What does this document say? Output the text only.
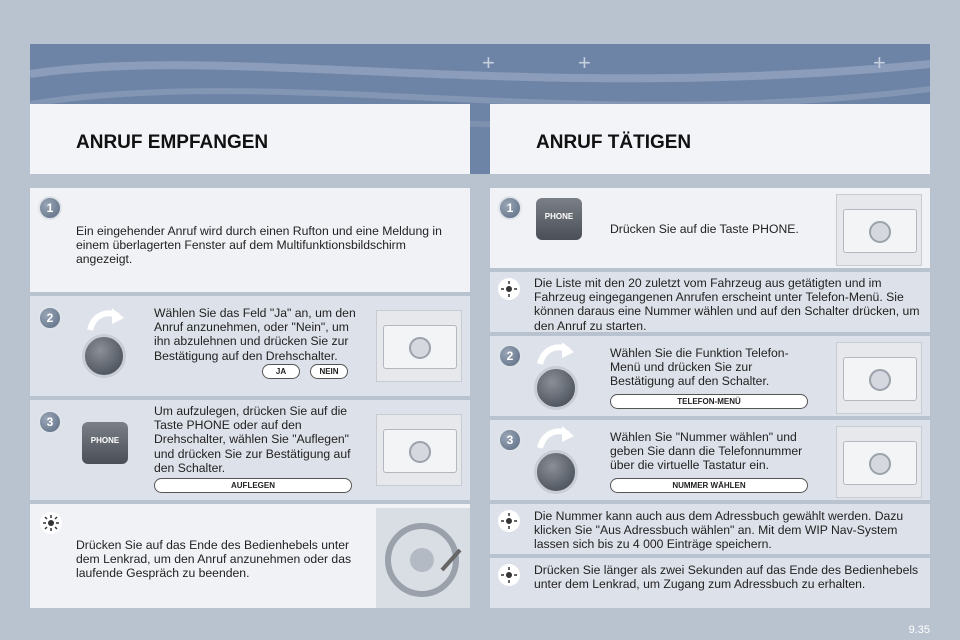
+	+	+
ANRUF EMPFANGEN	ANRUF TÄTIGEN
1
Ein eingehender Anruf wird durch einen Rufton und eine Meldung in einem überlagerten Fenster auf dem Multifunktionsbildschirm angezeigt.
2	Wählen Sie das Feld "Ja" an, um den Anruf anzunehmen, oder "Nein", um ihn abzulehnen und drücken Sie zur Bestätigung auf den Drehschalter.
JA	NEIN
3
PHONE
Um aufzulegen, drücken Sie auf die Taste PHONE oder auf den Drehschalter, wählen Sie "Auflegen" und drücken Sie zur Bestätigung auf den Schalter.
AUFLEGEN
Drücken Sie auf das Ende des Bedienhebels unter dem Lenkrad, um den Anruf anzunehmen oder das laufende Gespräch zu beenden.
1
PHONE
Drücken Sie auf die Taste PHONE.
Die Liste mit den 20 zuletzt vom Fahrzeug aus getätigten und im Fahrzeug eingegangenen Anrufen erscheint unter Telefon-Menü. Sie können daraus eine Nummer wählen und auf den Schalter drücken, um den Anruf zu starten.
2	Wählen Sie die Funktion Telefon-Menü und drücken Sie zur Bestätigung auf den Schalter.
TELEFON-MENÜ
3	Wählen Sie "Nummer wählen" und geben Sie dann die Telefonnummer über die virtuelle Tastatur ein.
NUMMER WÄHLEN
Die Nummer kann auch aus dem Adressbuch gewählt werden. Dazu klicken Sie "Aus Adressbuch wählen" an. Mit dem WIP Nav-System lassen sich bis zu 4 000 Einträge speichern.
Drücken Sie länger als zwei Sekunden auf das Ende des Bedienhebels unter dem Lenkrad, um Zugang zum Adressbuch zu erhalten.
9.35
